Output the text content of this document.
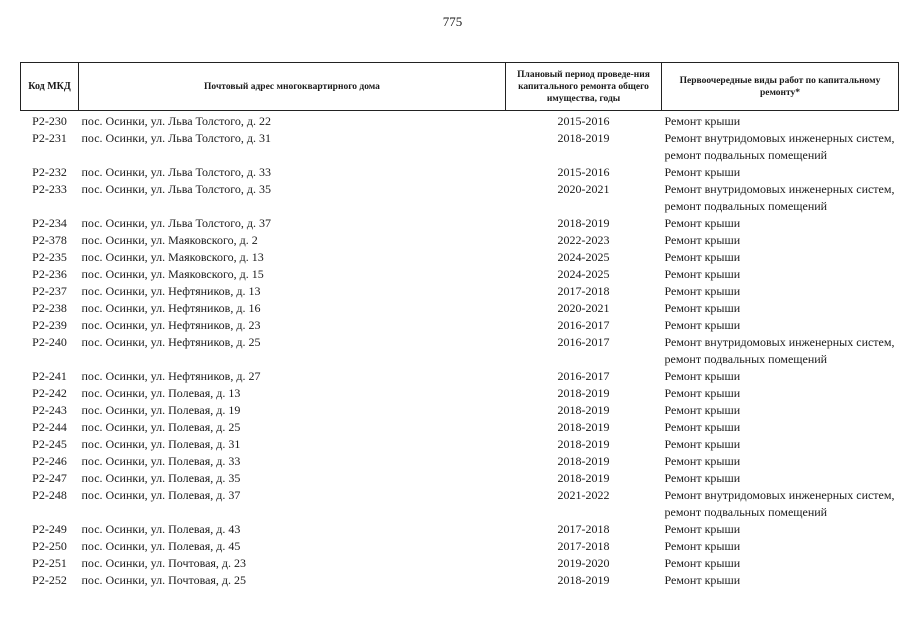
775
Код МКД	Почтовый адрес многоквартирного дома	Плановый период проведе-ния капитального ремонта общего имущества, годы	Первоочередные виды работ по капитальному ремонту*

Р2-230	пос. Осинки, ул. Льва Толстого, д. 22	2015-2016	Ремонт крыши

Р2-231	пос. Осинки, ул. Льва Толстого, д. 31	2018-2019	Ремонт внутридомовых инженерных систем,
ремонт подвальных помещений

Р2-232	пос. Осинки, ул. Льва Толстого, д. 33	2015-2016	Ремонт крыши

Р2-233	пос. Осинки, ул. Льва Толстого, д. 35	2020-2021	Ремонт внутридомовых инженерных систем,
ремонт подвальных помещений

Р2-234	пос. Осинки, ул. Льва Толстого, д. 37	2018-2019	Ремонт крыши

Р2-378	пос. Осинки, ул. Маяковского, д. 2	2022-2023	Ремонт крыши

Р2-235	пос. Осинки, ул. Маяковского, д. 13	2024-2025	Ремонт крыши

Р2-236	пос. Осинки, ул. Маяковского, д. 15	2024-2025	Ремонт крыши

Р2-237	пос. Осинки, ул. Нефтяников, д. 13	2017-2018	Ремонт крыши

Р2-238	пос. Осинки, ул. Нефтяников, д. 16	2020-2021	Ремонт крыши

Р2-239	пос. Осинки, ул. Нефтяников, д. 23	2016-2017	Ремонт крыши

Р2-240	пос. Осинки, ул. Нефтяников, д. 25	2016-2017	Ремонт внутридомовых инженерных систем,
ремонт подвальных помещений

Р2-241	пос. Осинки, ул. Нефтяников, д. 27	2016-2017	Ремонт крыши

Р2-242	пос. Осинки, ул. Полевая, д. 13	2018-2019	Ремонт крыши

Р2-243	пос. Осинки, ул. Полевая, д. 19	2018-2019	Ремонт крыши

Р2-244	пос. Осинки, ул. Полевая, д. 25	2018-2019	Ремонт крыши

Р2-245	пос. Осинки, ул. Полевая, д. 31	2018-2019	Ремонт крыши

Р2-246	пос. Осинки, ул. Полевая, д. 33	2018-2019	Ремонт крыши

Р2-247	пос. Осинки, ул. Полевая, д. 35	2018-2019	Ремонт крыши

Р2-248	пос. Осинки, ул. Полевая, д. 37	2021-2022	Ремонт внутридомовых инженерных систем,
ремонт подвальных помещений

Р2-249	пос. Осинки, ул. Полевая, д. 43	2017-2018	Ремонт крыши

Р2-250	пос. Осинки, ул. Полевая, д. 45	2017-2018	Ремонт крыши

Р2-251	пос. Осинки, ул. Почтовая, д. 23	2019-2020	Ремонт крыши

Р2-252	пос. Осинки, ул. Почтовая, д. 25	2018-2019	Ремонт крыши
